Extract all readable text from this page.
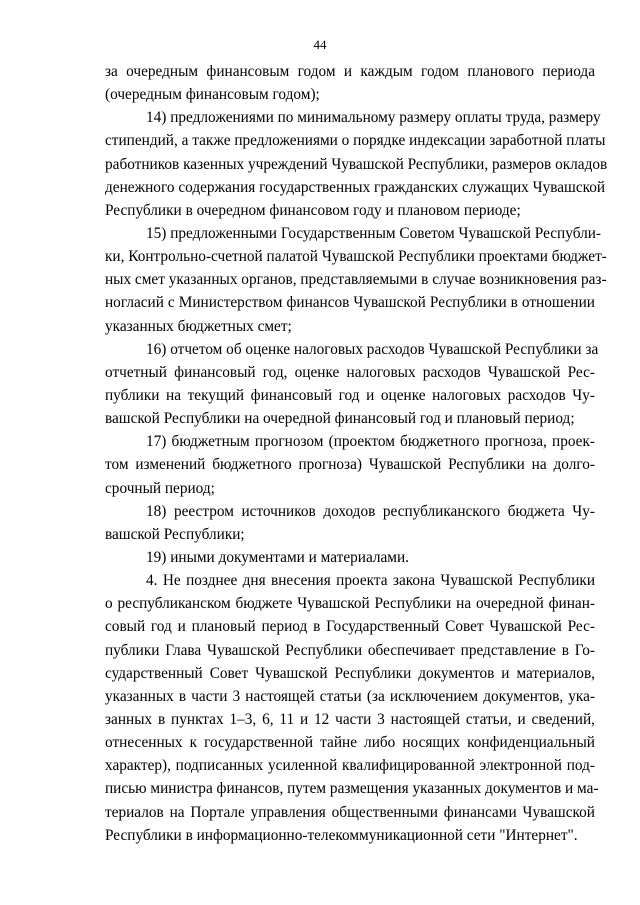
44
за очередным финансовым годом и каждым годом планового периода
(очередным финансовым годом);
14) предложениями по минимальному размеру оплаты труда, размеру
стипендий, а также предложениями о порядке индексации заработной платы
работников казенных учреждений Чувашской Республики, размеров окладов
денежного содержания государственных гражданских служащих Чувашской
Республики в очередном финансовом году и плановом периоде;
15) предложенными Государственным Советом Чувашской Республи-
ки, Контрольно-счетной палатой Чувашской Республики проектами бюджет-
ных смет указанных органов, представляемыми в случае возникновения раз-
ногласий с Министерством финансов Чувашской Республики в отношении
указанных бюджетных смет;
16) отчетом об оценке налоговых расходов Чувашской Республики за
отчетный финансовый год, оценке налоговых расходов Чувашской Рес-
публики на текущий финансовый год и оценке налоговых расходов Чу-
вашской Республики на очередной финансовый год и плановый период;
17) бюджетным прогнозом (проектом бюджетного прогноза, проек-
том изменений бюджетного прогноза) Чувашской Республики на долго-
срочный период;
18) реестром источников доходов республиканского бюджета Чу-
вашской Республики;
19) иными документами и материалами.
4. Не позднее дня внесения проекта закона Чувашской Республики
о республиканском бюджете Чувашской Республики на очередной финан-
совый год и плановый период в Государственный Совет Чувашской Рес-
публики Глава Чувашской Республики обеспечивает представление в Го-
сударственный Совет Чувашской Республики документов и материалов,
указанных в части 3 настоящей статьи (за исключением документов, ука-
занных в пунктах 1–3, 6, 11 и 12 части 3 настоящей статьи, и сведений,
отнесенных к государственной тайне либо носящих конфиденциальный
характер), подписанных усиленной квалифицированной электронной под-
писью министра финансов, путем размещения указанных документов и ма-
териалов на Портале управления общественными финансами Чувашской
Республики в информационно-телекоммуникационной сети "Интернет".
